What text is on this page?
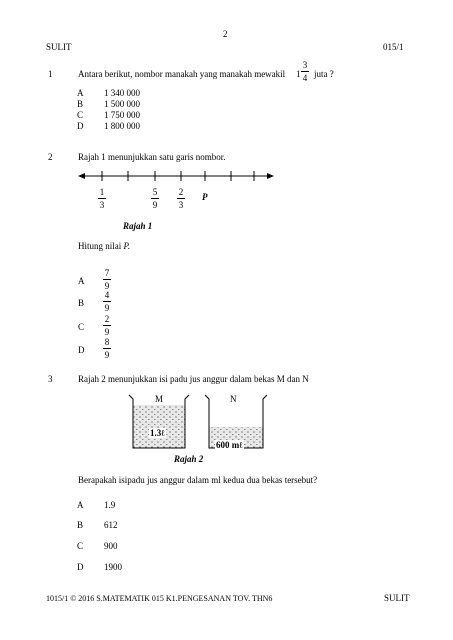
2
SULIT	015/1
1	Antara berikut, nombor manakah yang manakah mewakil 1
3
4 juta ?
A 1 340 000
B 1 500 000
C 1 750 000
D 1 800 000
2	Rajah 1 menunjukkan satu garis nombor.
1
3
5
9
2
3
P
Rajah 1
Hitung nilai P.
A
7
9
B
4
9
C
2
9
D
8
9
3	Rajah 2 menunjukkan isi padu jus anggur dalam bekas M dan N
M	N
1.3ℓ
600 mℓ
Rajah 2
Berapakah isipadu jus anggur dalam ml kedua dua bekas tersebut?
A 1.9
B 612
C 900
D 1900
1015/1 © 2016 S.MATEMATIK 015 K1.PENGESANAN TOV. THN6	SULIT
